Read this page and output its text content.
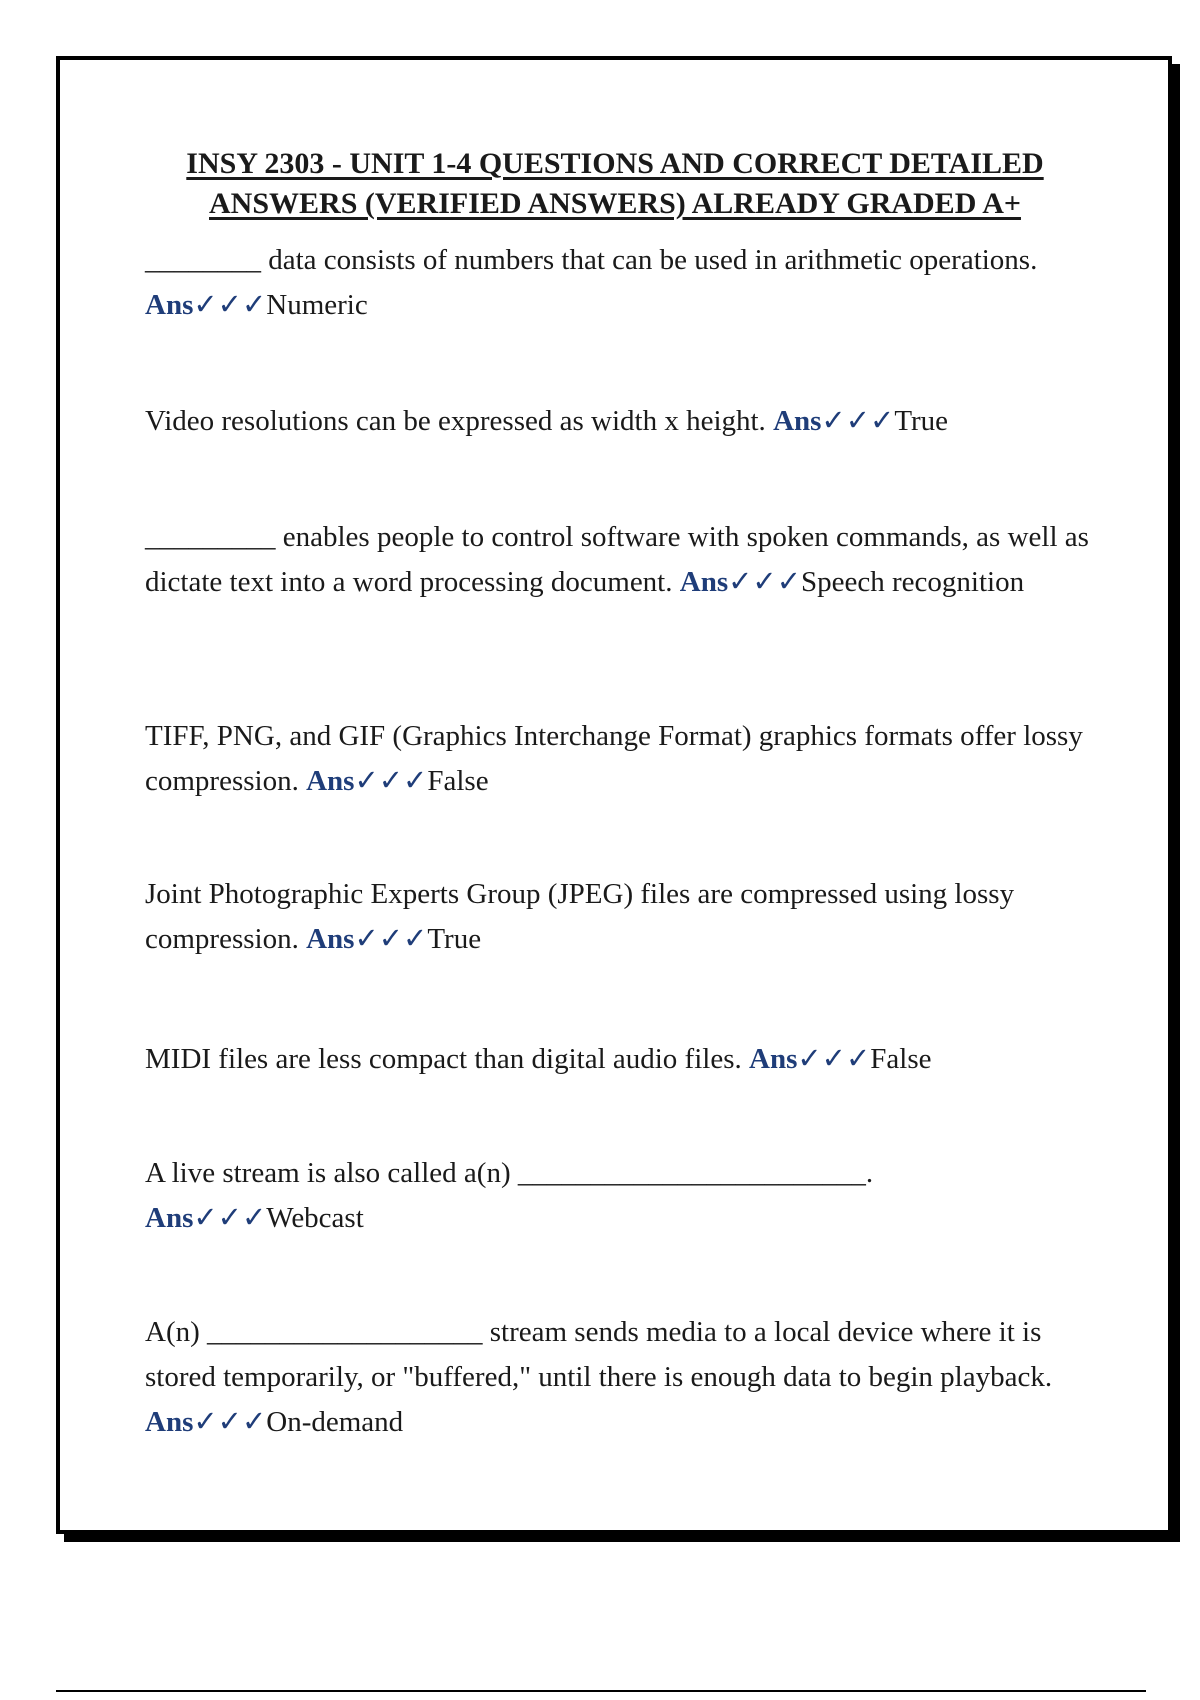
INSY 2303 - UNIT 1-4 QUESTIONS AND CORRECT DETAILED
ANSWERS (VERIFIED ANSWERS) ALREADY GRADED A+
________ data consists of numbers that can be used in arithmetic operations. Ans✓✓✓Numeric
Video resolutions can be expressed as width x height. Ans✓✓✓True
_________ enables people to control software with spoken commands, as well as dictate text into a word processing document. Ans✓✓✓Speech recognition
TIFF, PNG, and GIF (Graphics Interchange Format) graphics formats offer lossy compression. Ans✓✓✓False
Joint Photographic Experts Group (JPEG) files are compressed using lossy compression. Ans✓✓✓True
MIDI files are less compact than digital audio files. Ans✓✓✓False
A live stream is also called a(n) ________________________. Ans✓✓✓Webcast
A(n) ___________________ stream sends media to a local device where it is stored temporarily, or "buffered," until there is enough data to begin playback. Ans✓✓✓On-demand
